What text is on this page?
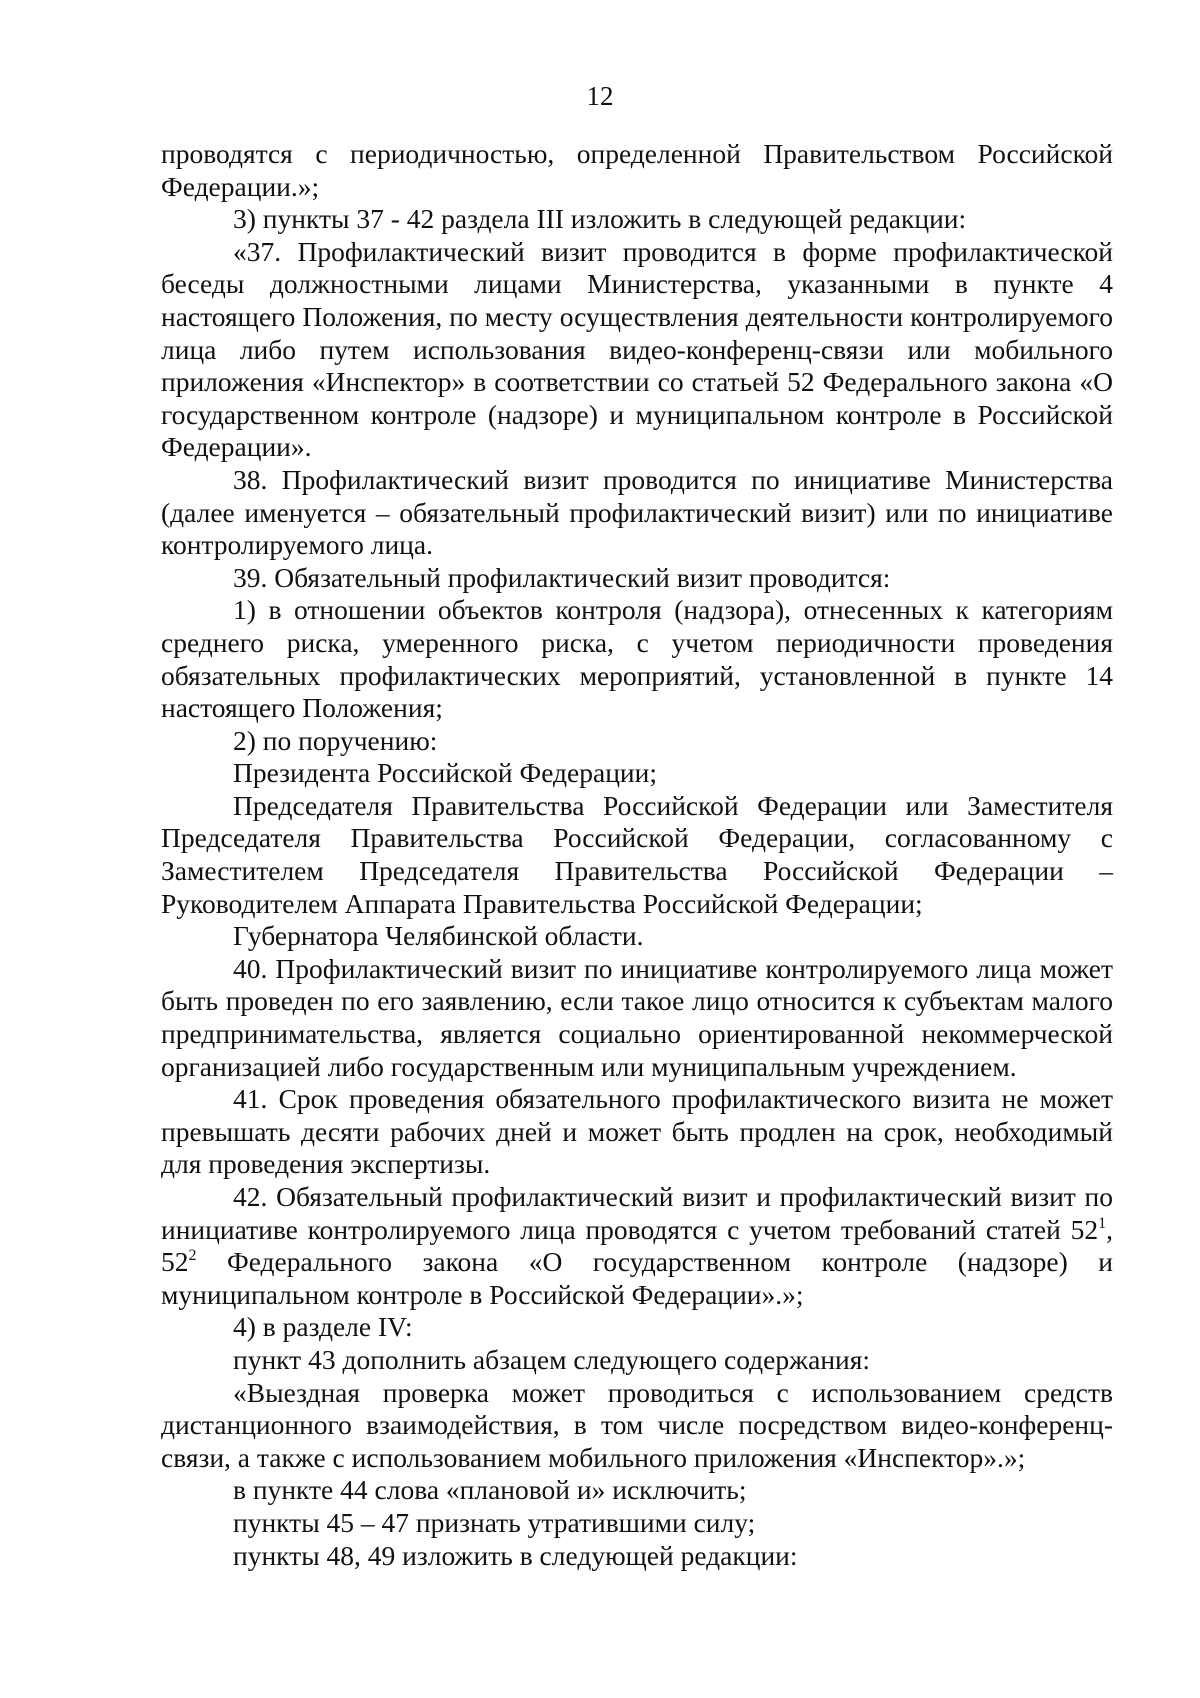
12

проводятся с периодичностью, определенной Правительством Российской Федерации.»;

3) пункты 37 - 42 раздела III изложить в следующей редакции:

«37. Профилактический визит проводится в форме профилактической беседы должностными лицами Министерства, указанными в пункте 4 настоящего Положения, по месту осуществления деятельности контролируемого лица либо путем использования видео-конференц-связи или мобильного приложения «Инспектор» в соответствии со статьей 52 Федерального закона «О государственном контроле (надзоре) и муниципальном контроле в Российской Федерации».

38. Профилактический визит проводится по инициативе Министерства (далее именуется – обязательный профилактический визит) или по инициативе контролируемого лица.

39. Обязательный профилактический визит проводится:

1) в отношении объектов контроля (надзора), отнесенных к категориям среднего риска, умеренного риска, с учетом периодичности проведения обязательных профилактических мероприятий, установленной в пункте 14 настоящего Положения;

2) по поручению:

Президента Российской Федерации;

Председателя Правительства Российской Федерации или Заместителя Председателя Правительства Российской Федерации, согласованному с Заместителем Председателя Правительства Российской Федерации – Руководителем Аппарата Правительства Российской Федерации;

Губернатора Челябинской области.

40. Профилактический визит по инициативе контролируемого лица может быть проведен по его заявлению, если такое лицо относится к субъектам малого предпринимательства, является социально ориентированной некоммерческой организацией либо государственным или муниципальным учреждением.

41. Срок проведения обязательного профилактического визита не может превышать десяти рабочих дней и может быть продлен на срок, необходимый для проведения экспертизы.

42. Обязательный профилактический визит и профилактический визит по инициативе контролируемого лица проводятся с учетом требований статей $52^1$, $52^2$ Федерального закона «О государственном контроле (надзоре) и муниципальном контроле в Российской Федерации».»;

4) в разделе IV:

пункт 43 дополнить абзацем следующего содержания:

«Выездная проверка может проводиться с использованием средств дистанционного взаимодействия, в том числе посредством видео-конференц-связи, а также с использованием мобильного приложения «Инспектор».»;

в пункте 44 слова «плановой и» исключить;

пункты 45 – 47 признать утратившими силу;

пункты 48, 49 изложить в следующей редакции:
